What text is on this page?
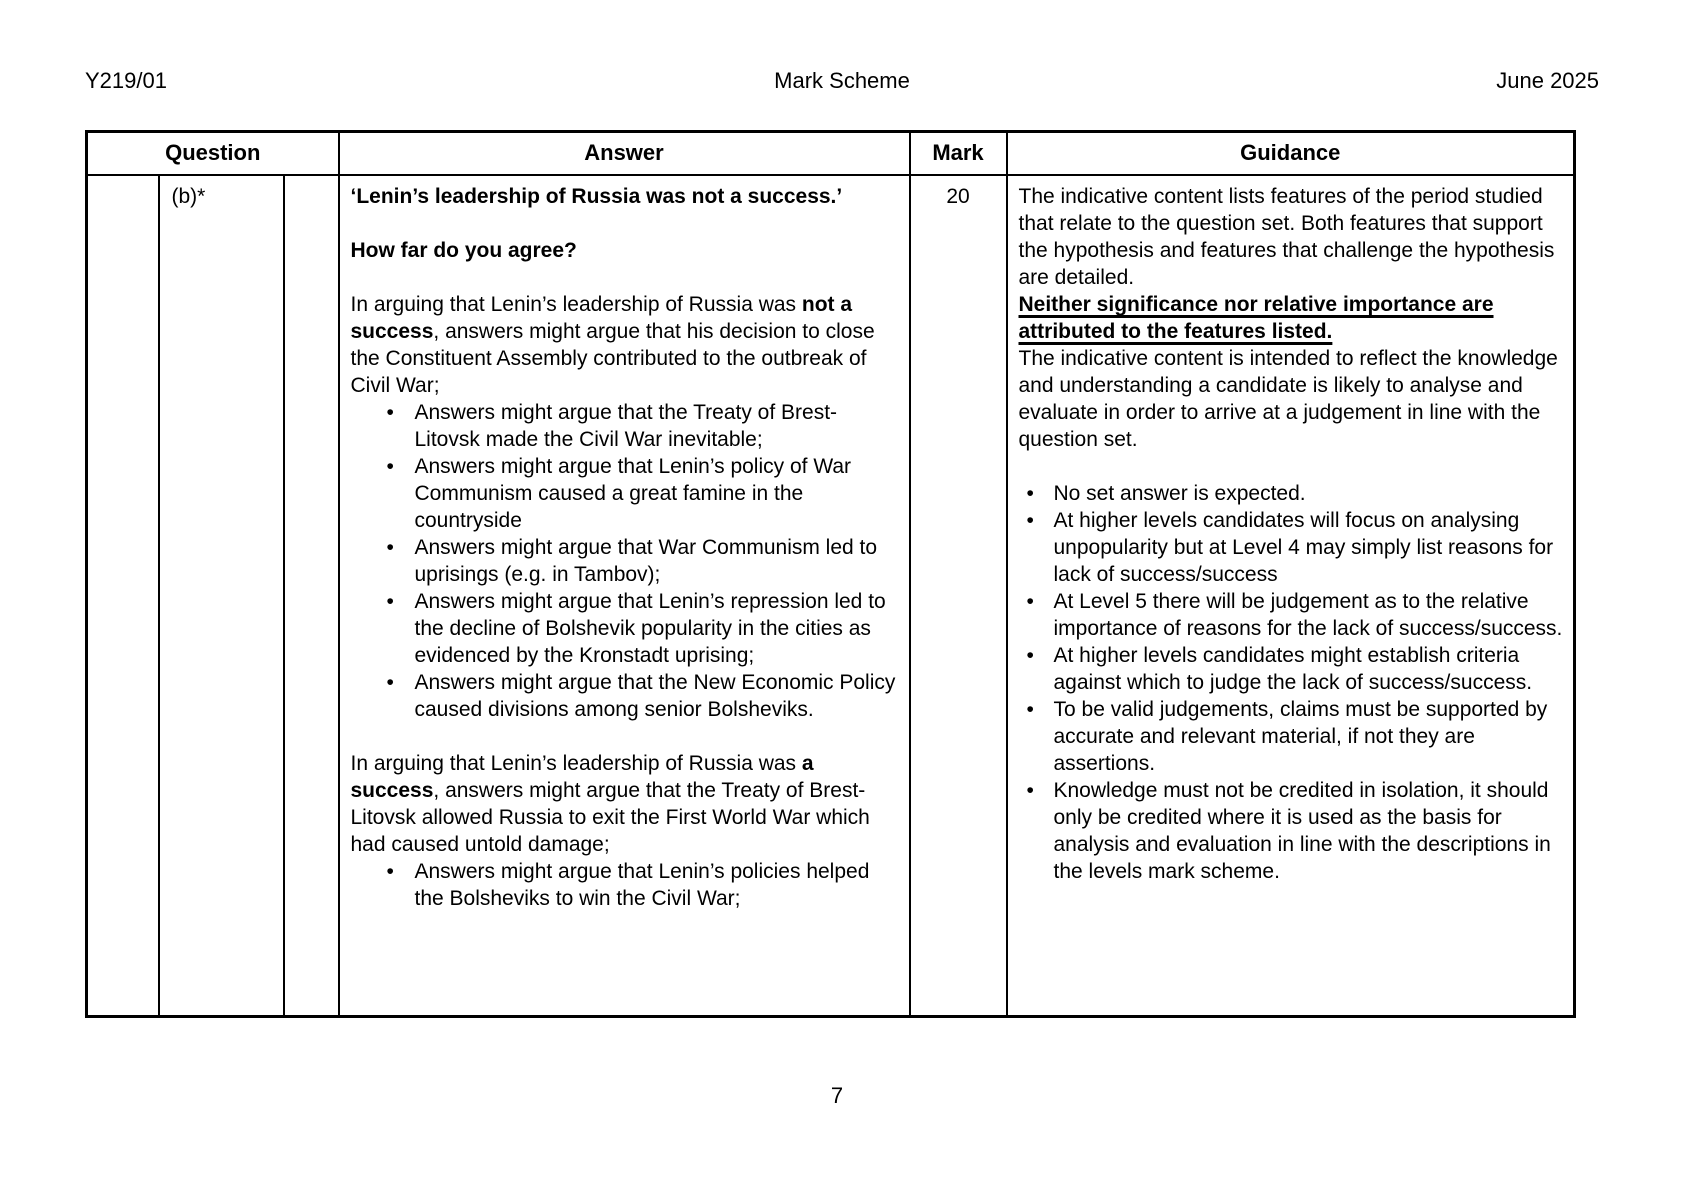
Y219/01	Mark Scheme	June 2025
Question			Answer	Mark	Guidance
	(b)*		‘Lenin’s leadership of Russia was not a success.’

How far do you agree?

In arguing that Lenin’s leadership of Russia was not a success, answers might argue that his decision to close the Constituent Assembly contributed to the outbreak of Civil War;

• Answers might argue that the Treaty of Brest-Litovsk made the Civil War inevitable;
• Answers might argue that Lenin’s policy of War Communism caused a great famine in the countryside
• Answers might argue that War Communism led to uprisings (e.g. in Tambov);
• Answers might argue that Lenin’s repression led to the decline of Bolshevik popularity in the cities as evidenced by the Kronstadt uprising;
• Answers might argue that the New Economic Policy caused divisions among senior Bolsheviks.

In arguing that Lenin’s leadership of Russia was a success, answers might argue that the Treaty of Brest-Litovsk allowed Russia to exit the First World War which had caused untold damage;

• Answers might argue that Lenin’s policies helped the Bolsheviks to win the Civil War;
	20	The indicative content lists features of the period studied that relate to the question set. Both features that support the hypothesis and features that challenge the hypothesis are detailed.

Neither significance nor relative importance are attributed to the features listed.

The indicative content is intended to reflect the knowledge and understanding a candidate is likely to analyse and evaluate in order to arrive at a judgement in line with the question set.

• No set answer is expected.
• At higher levels candidates will focus on analysing unpopularity but at Level 4 may simply list reasons for lack of success/success
• At Level 5 there will be judgement as to the relative importance of reasons for the lack of success/success.
• At higher levels candidates might establish criteria against which to judge the lack of success/success.
• To be valid judgements, claims must be supported by accurate and relevant material, if not they are assertions.
• Knowledge must not be credited in isolation, it should only be credited where it is used as the basis for analysis and evaluation in line with the descriptions in the levels mark scheme.
7
